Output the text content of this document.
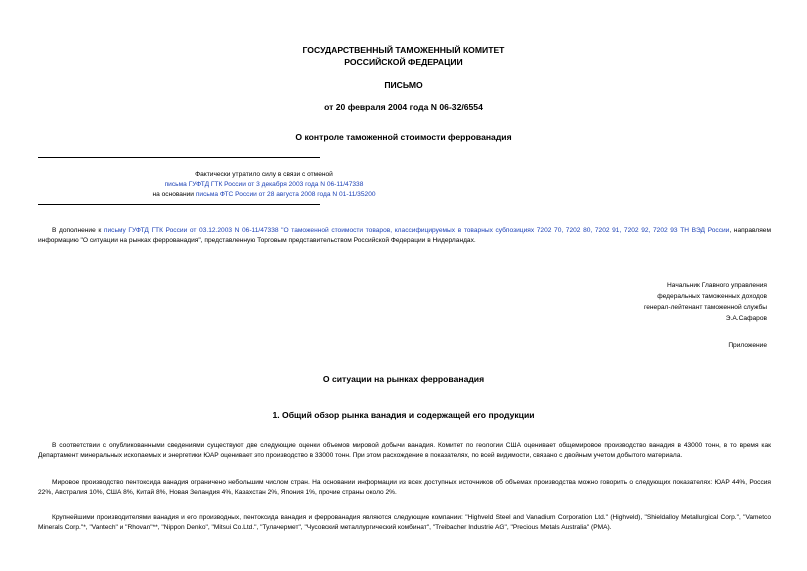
ГОСУДАРСТВЕННЫЙ ТАМОЖЕННЫЙ КОМИТЕТ
РОССИЙСКОЙ ФЕДЕРАЦИИ
ПИСЬМО
от 20 февраля 2004 года N 06-32/6554
О контроле таможенной стоимости феррованадия
Фактически утратило силу в связи с отменой
письма ГУФТД ГТК России от 3 декабря 2003 года N 06-11/47338
на основании письма ФТС России от 28 августа 2008 года N 01-11/35200
В дополнение к письму ГУФТД ГТК России от 03.12.2003 N 06-11/47338 "О таможенной стоимости товаров, классифицируемых в товарных субпозициях 7202 70, 7202 80, 7202 91, 7202 92, 7202 93 ТН ВЭД России, направляем информацию "О ситуации на рынках феррованадия", представленную Торговым представительством Российской Федерации в Нидерландах.
Начальник Главного управления
федеральных таможенных доходов
генерал-лейтенант таможенной службы
Э.А.Сафаров
Приложение
О ситуации на рынках феррованадия
1. Общий обзор рынка ванадия и содержащей его продукции
В соответствии с опубликованными сведениями существуют две следующие оценки объемов мировой добычи ванадия. Комитет по геологии США оценивает общемировое производство ванадия в 43000 тонн, в то время как Департамент минеральных ископаемых и энергетики ЮАР оценивает это производство в 33000 тонн. При этом расхождение в показателях, по всей видимости, связано с двойным учетом добытого материала.
Мировое производство пентоксида ванадия ограничено небольшим числом стран. На основании информации из всех доступных источников об объемах производства можно говорить о следующих показателях: ЮАР 44%, Россия 22%, Австралия 10%, США 8%, Китай 8%, Новая Зеландия 4%, Казахстан 2%, Япония 1%, прочие страны около 2%.
Крупнейшими производителями ванадия и его производных, пентоксида ванадия и феррованадия являются следующие компании: "Highveld Steel and Vanadium Corporation Ltd." (Highveld), "Shieldalloy Metallurgical Corp.", "Vametco Minerals Corp."*, "Vantech" и "Rhovan"**, "Nippon Denko", "Mitsui Co.Ltd.", "Тулачермет", "Чусовский металлургический комбинат", "Treibacher Industrie AG", "Precious Metals Australia" (PMA).
